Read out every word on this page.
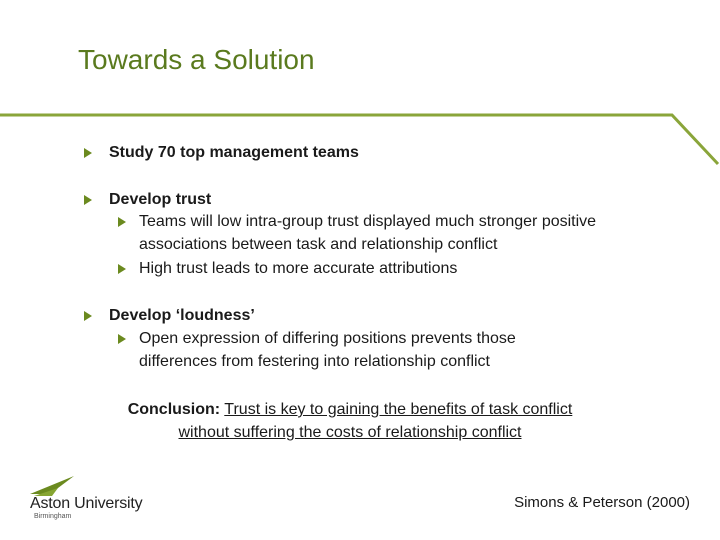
Towards a Solution
Study 70 top management teams
Develop trust
Teams will low intra-group trust displayed much stronger positive associations between task and relationship conflict
High trust leads to more accurate attributions
Develop ‘loudness’
Open expression of differing positions prevents those differences from festering into relationship conflict
Conclusion: Trust is key to gaining the benefits of task conflict without suffering the costs of relationship conflict
Aston University
Birmingham
Simons & Peterson (2000)
